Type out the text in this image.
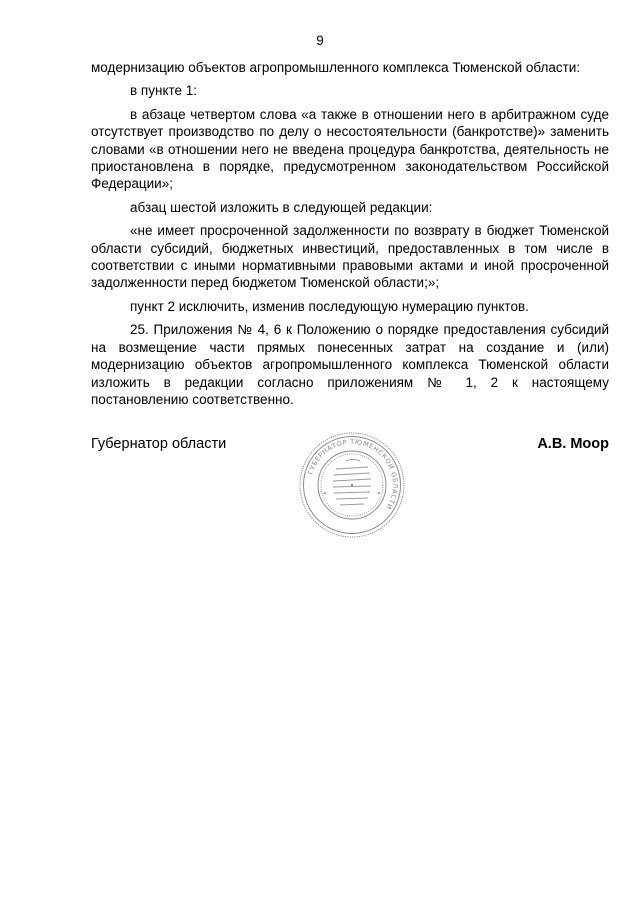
9

модернизацию объектов агропромышленного комплекса Тюменской области:

в пункте 1:

в абзаце четвертом слова «а также в отношении него в арбитражном суде отсутствует производство по делу о несостоятельности (банкротстве)» заменить словами «в отношении него не введена процедура банкротства, деятельность не приостановлена в порядке, предусмотренном законодательством Российской Федерации»;

абзац шестой изложить в следующей редакции:

«не имеет просроченной задолженности по возврату в бюджет Тюменской области субсидий, бюджетных инвестиций, предоставленных в том числе в соответствии с иными нормативными правовыми актами и иной просроченной задолженности перед бюджетом Тюменской области;»;

пункт 2 исключить, изменив последующую нумерацию пунктов.

25. Приложения № 4, 6 к Положению о порядке предоставления субсидий на возмещение части прямых понесенных затрат на создание и (или) модернизацию объектов агропромышленного комплекса Тюменской области изложить в редакции согласно приложениям № 1, 2 к настоящему постановлению соответственно.

Губернатор области	А.В. Моор
ГУБЕРНАТОР ТЮМЕНСКОЙ ОБЛАСТИ
